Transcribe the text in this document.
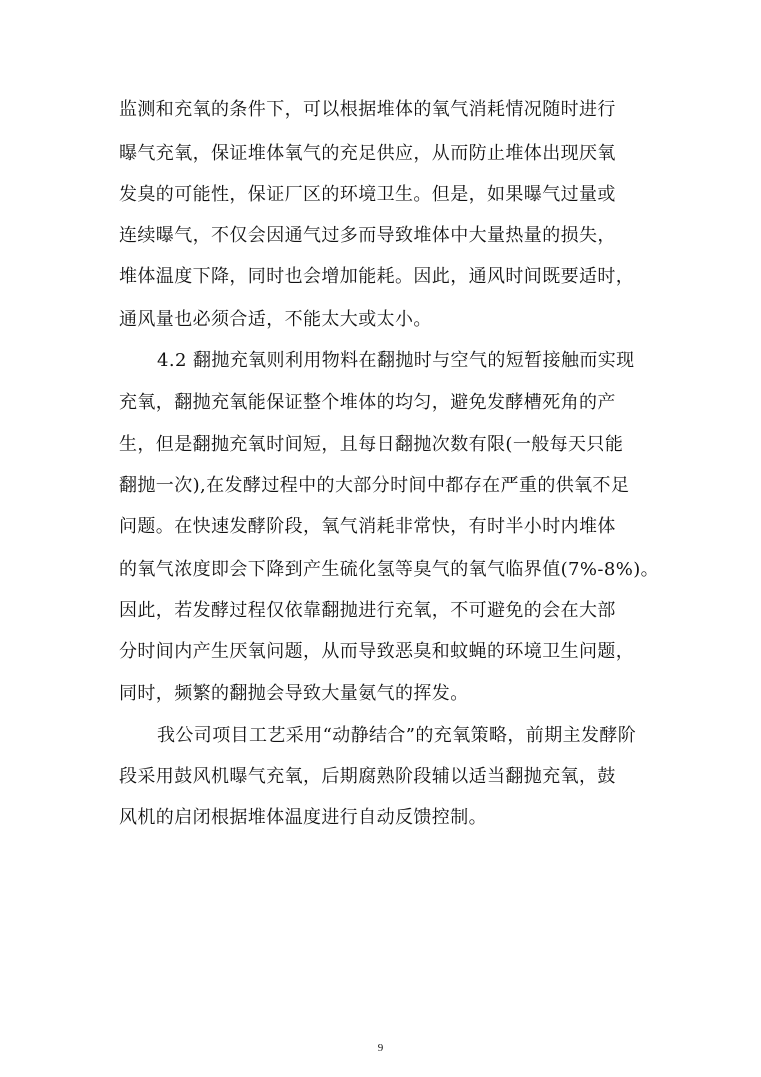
监测和充氧的条件下，可以根据堆体的氧气消耗情况随时进行
曝气充氧，保证堆体氧气的充足供应，从而防止堆体出现厌氧
发臭的可能性，保证厂区的环境卫生。但是，如果曝气过量或
连续曝气，不仅会因通气过多而导致堆体中大量热量的损失，
堆体温度下降，同时也会增加能耗。因此，通风时间既要适时，
通风量也必须合适，不能太大或太小。
4.2 翻抛充氧则利用物料在翻抛时与空气的短暂接触而实现
充氧，翻抛充氧能保证整个堆体的均匀，避免发酵槽死角的产
生，但是翻抛充氧时间短，且每日翻抛次数有限(一般每天只能
翻抛一次),在发酵过程中的大部分时间中都存在严重的供氧不足
问题。在快速发酵阶段，氧气消耗非常快，有时半小时内堆体
的氧气浓度即会下降到产生硫化氢等臭气的氧气临界值(7%-8%)。
因此，若发酵过程仅依靠翻抛进行充氧，不可避免的会在大部
分时间内产生厌氧问题，从而导致恶臭和蚊蝇的环境卫生问题，
同时，频繁的翻抛会导致大量氨气的挥发。
我公司项目工艺采用“动静结合”的充氧策略，前期主发酵阶
段采用鼓风机曝气充氧，后期腐熟阶段辅以适当翻抛充氧，鼓
风机的启闭根据堆体温度进行自动反馈控制。
9
